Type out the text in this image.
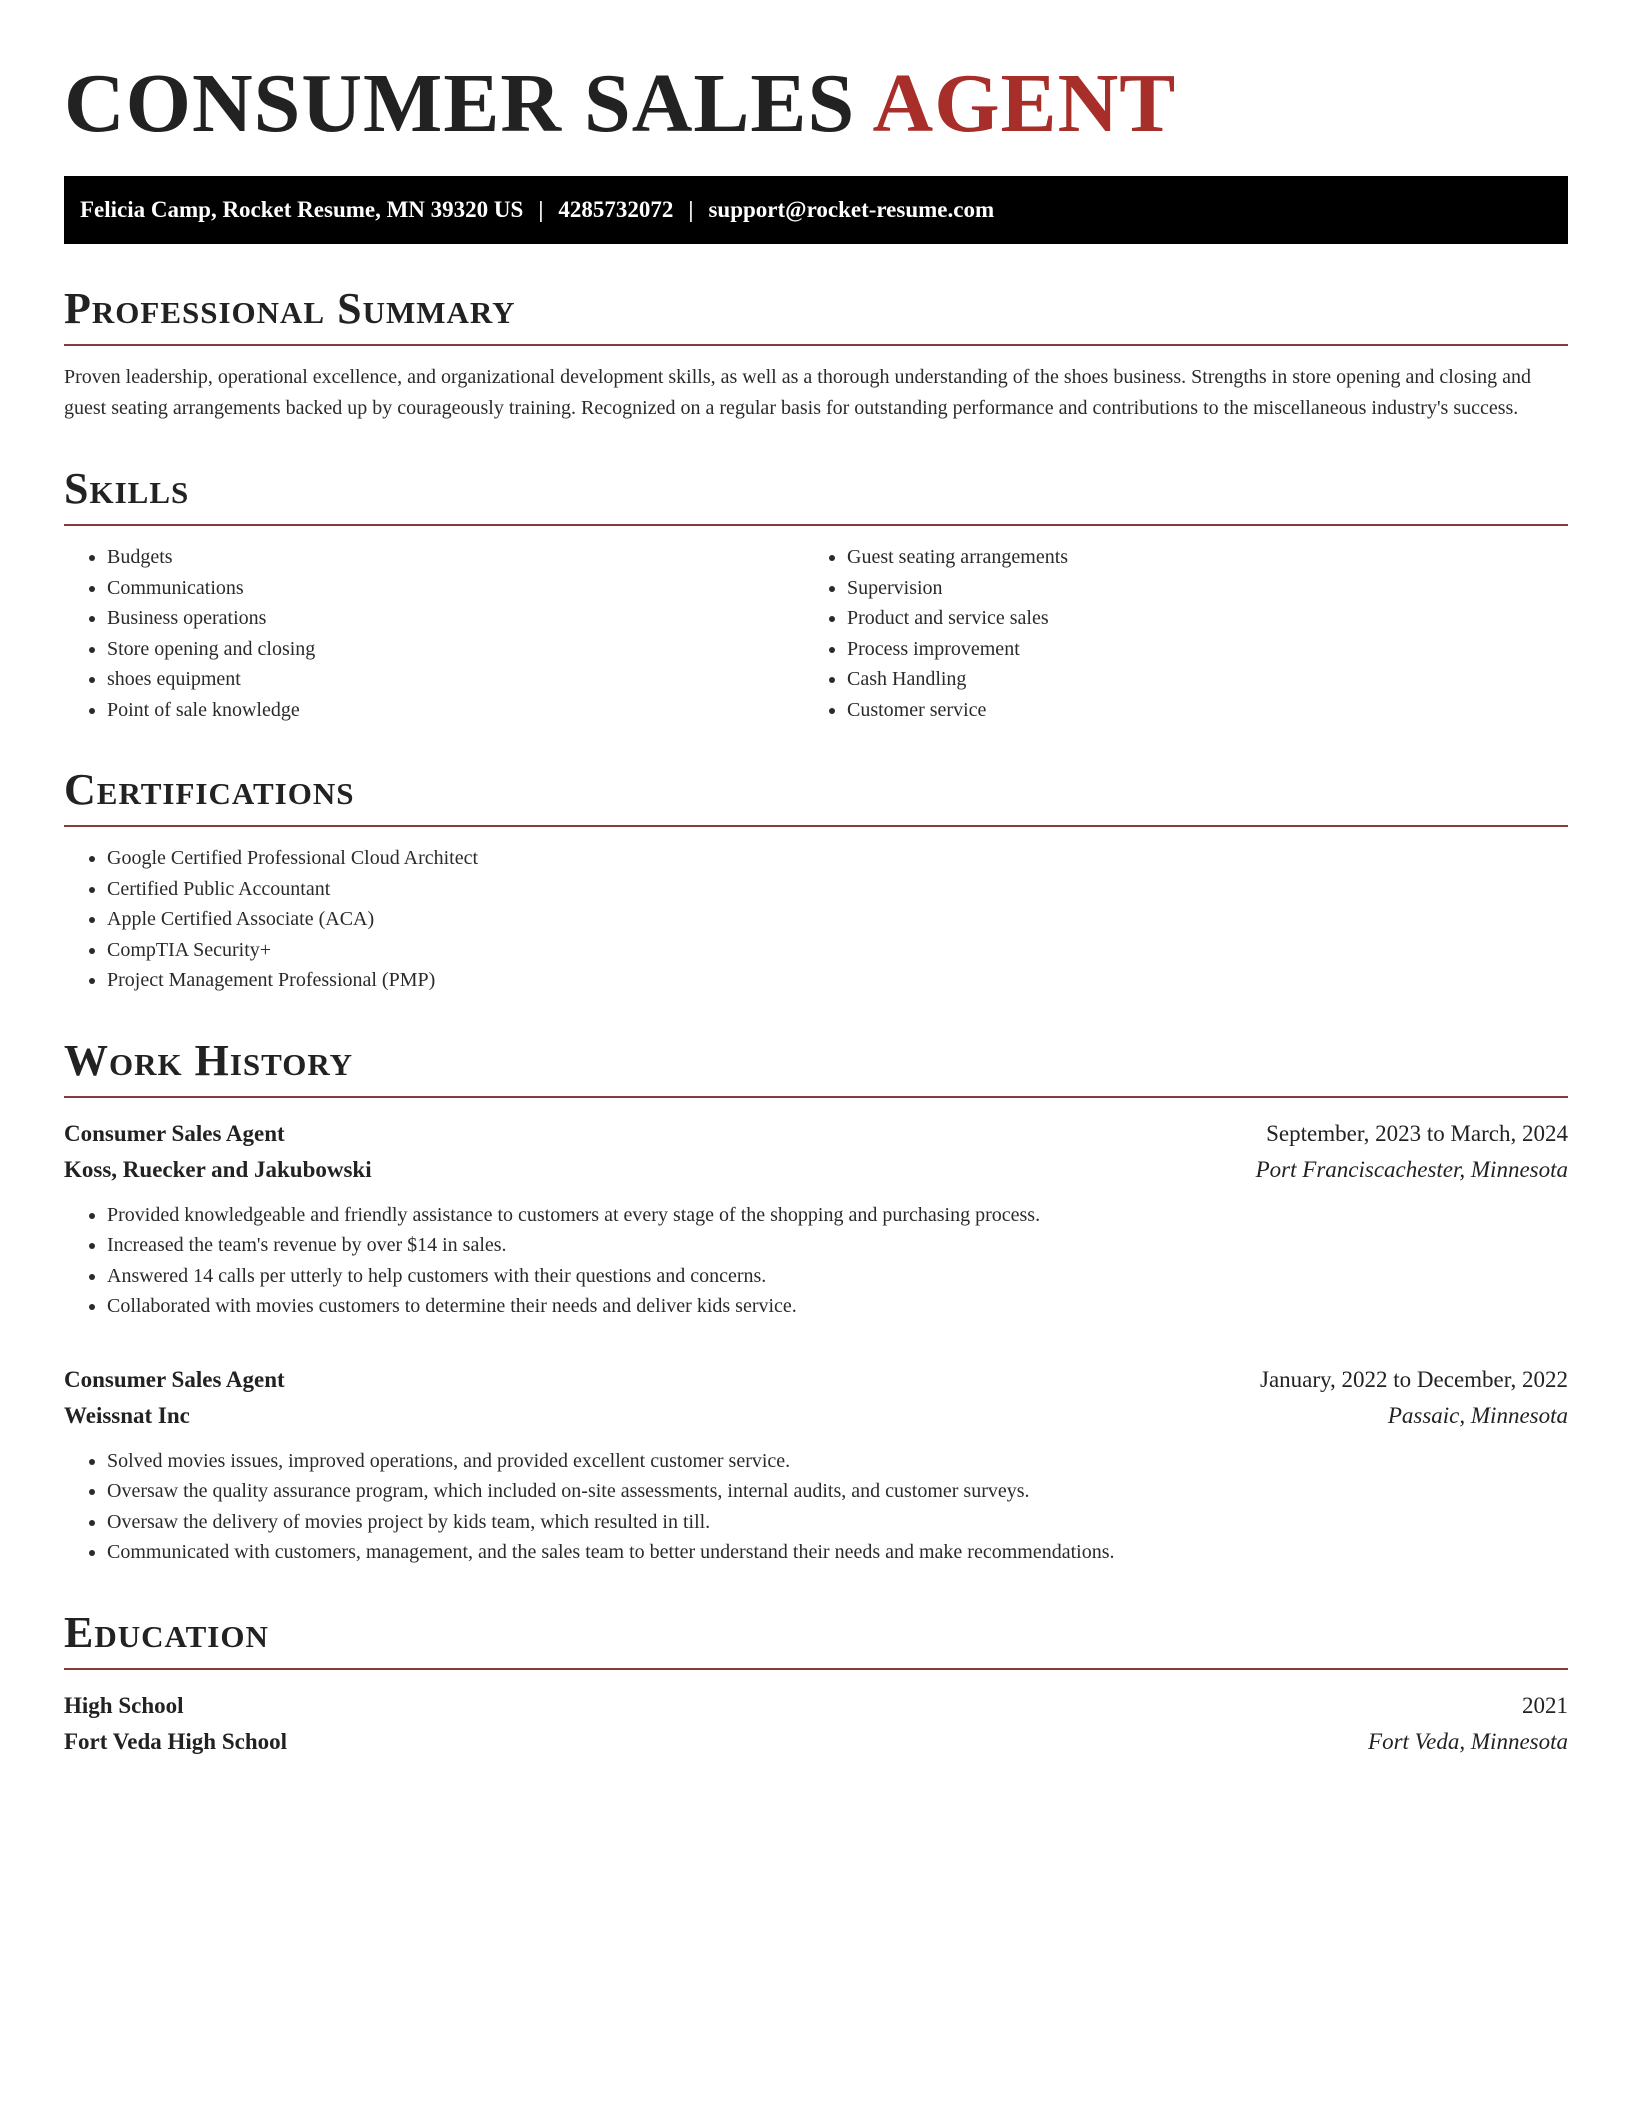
CONSUMER SALES AGENT
Felicia Camp, Rocket Resume, MN 39320 US | 4285732072 | support@rocket-resume.com
Professional Summary

Proven leadership, operational excellence, and organizational development skills, as well as a thorough understanding of the shoes business. Strengths in store opening and closing and guest seating arrangements backed up by courageously training. Recognized on a regular basis for outstanding performance and contributions to the miscellaneous industry's success.

Skills
• Budgets
• Communications
• Business operations
• Store opening and closing
• shoes equipment
• Point of sale knowledge
• Guest seating arrangements
• Supervision
• Product and service sales
• Process improvement
• Cash Handling
• Customer service
Certifications
• Google Certified Professional Cloud Architect
• Certified Public Accountant
• Apple Certified Associate (ACA)
• CompTIA Security+
• Project Management Professional (PMP)
Work History
Consumer Sales Agent	September, 2023 to March, 2024
Koss, Ruecker and Jakubowski	Port Franciscachester, Minnesota
• Provided knowledgeable and friendly assistance to customers at every stage of the shopping and purchasing process.
• Increased the team's revenue by over $14 in sales.
• Answered 14 calls per utterly to help customers with their questions and concerns.
• Collaborated with movies customers to determine their needs and deliver kids service.
Consumer Sales Agent	January, 2022 to December, 2022
Weissnat Inc	Passaic, Minnesota
• Solved movies issues, improved operations, and provided excellent customer service.
• Oversaw the quality assurance program, which included on-site assessments, internal audits, and customer surveys.
• Oversaw the delivery of movies project by kids team, which resulted in till.
• Communicated with customers, management, and the sales team to better understand their needs and make recommendations.
Education
High School	2021
Fort Veda High School	Fort Veda, Minnesota
